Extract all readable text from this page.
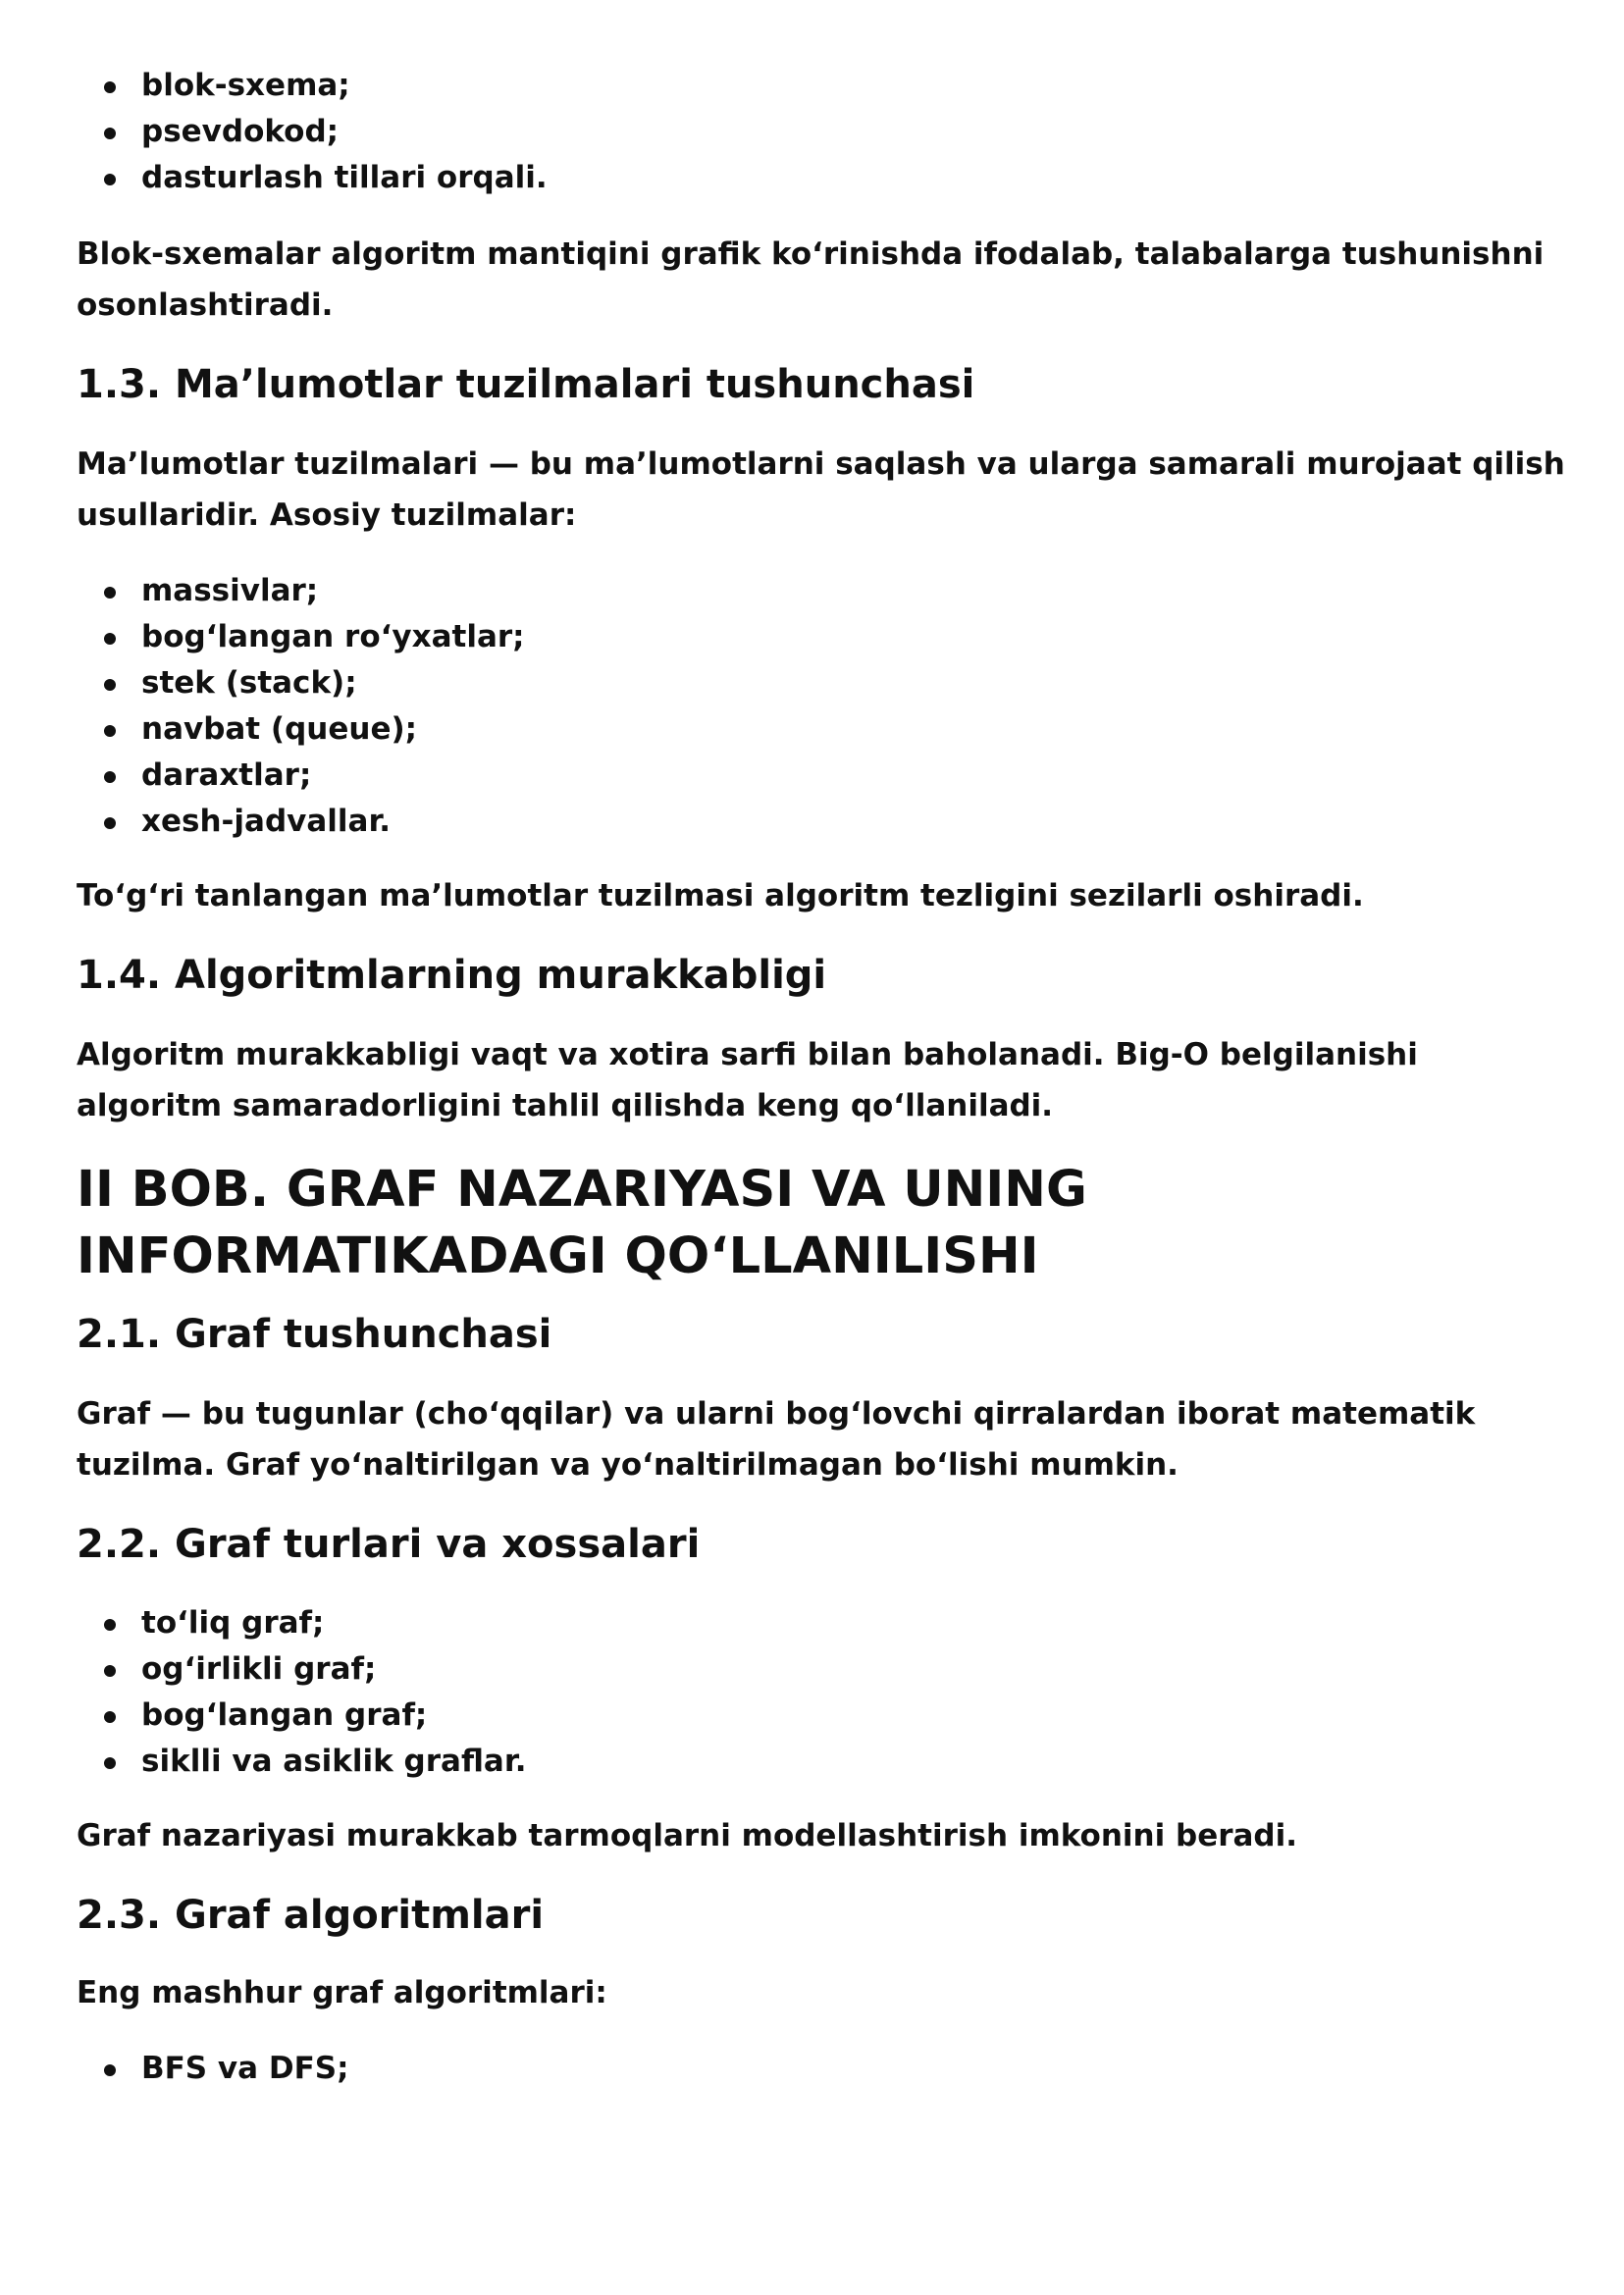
blok-sxema;
psevdokod;
dasturlash tillari orqali.

Blok-sxemalar algoritm mantiqini grafik ko‘rinishda ifodalab, talabalarga tushunishni osonlashtiradi.

1.3. Ma’lumotlar tuzilmalari tushunchasi

Ma’lumotlar tuzilmalari — bu ma’lumotlarni saqlash va ularga samarali murojaat qilish usullaridir. Asosiy tuzilmalar:

massivlar;
bog‘langan ro‘yxatlar;
stek (stack);
navbat (queue);
daraxtlar;
xesh-jadvallar.

To‘g‘ri tanlangan ma’lumotlar tuzilmasi algoritm tezligini sezilarli oshiradi.

1.4. Algoritmlarning murakkabligi

Algoritm murakkabligi vaqt va xotira sarfi bilan baholanadi. Big-O belgilanishi algoritm samaradorligini tahlil qilishda keng qo‘llaniladi.

II BOB. GRAF NAZARIYASI VA UNING INFORMATIKADAGI QO‘LLANILISHI
2.1. Graf tushunchasi

Graf — bu tugunlar (cho‘qqilar) va ularni bog‘lovchi qirralardan iborat matematik tuzilma. Graf yo‘naltirilgan va yo‘naltirilmagan bo‘lishi mumkin.

2.2. Graf turlari va xossalari
to‘liq graf;
og‘irlikli graf;
bog‘langan graf;
siklli va asiklik graflar.

Graf nazariyasi murakkab tarmoqlarni modellashtirish imkonini beradi.

2.3. Graf algoritmlari

Eng mashhur graf algoritmlari:

BFS va DFS;
